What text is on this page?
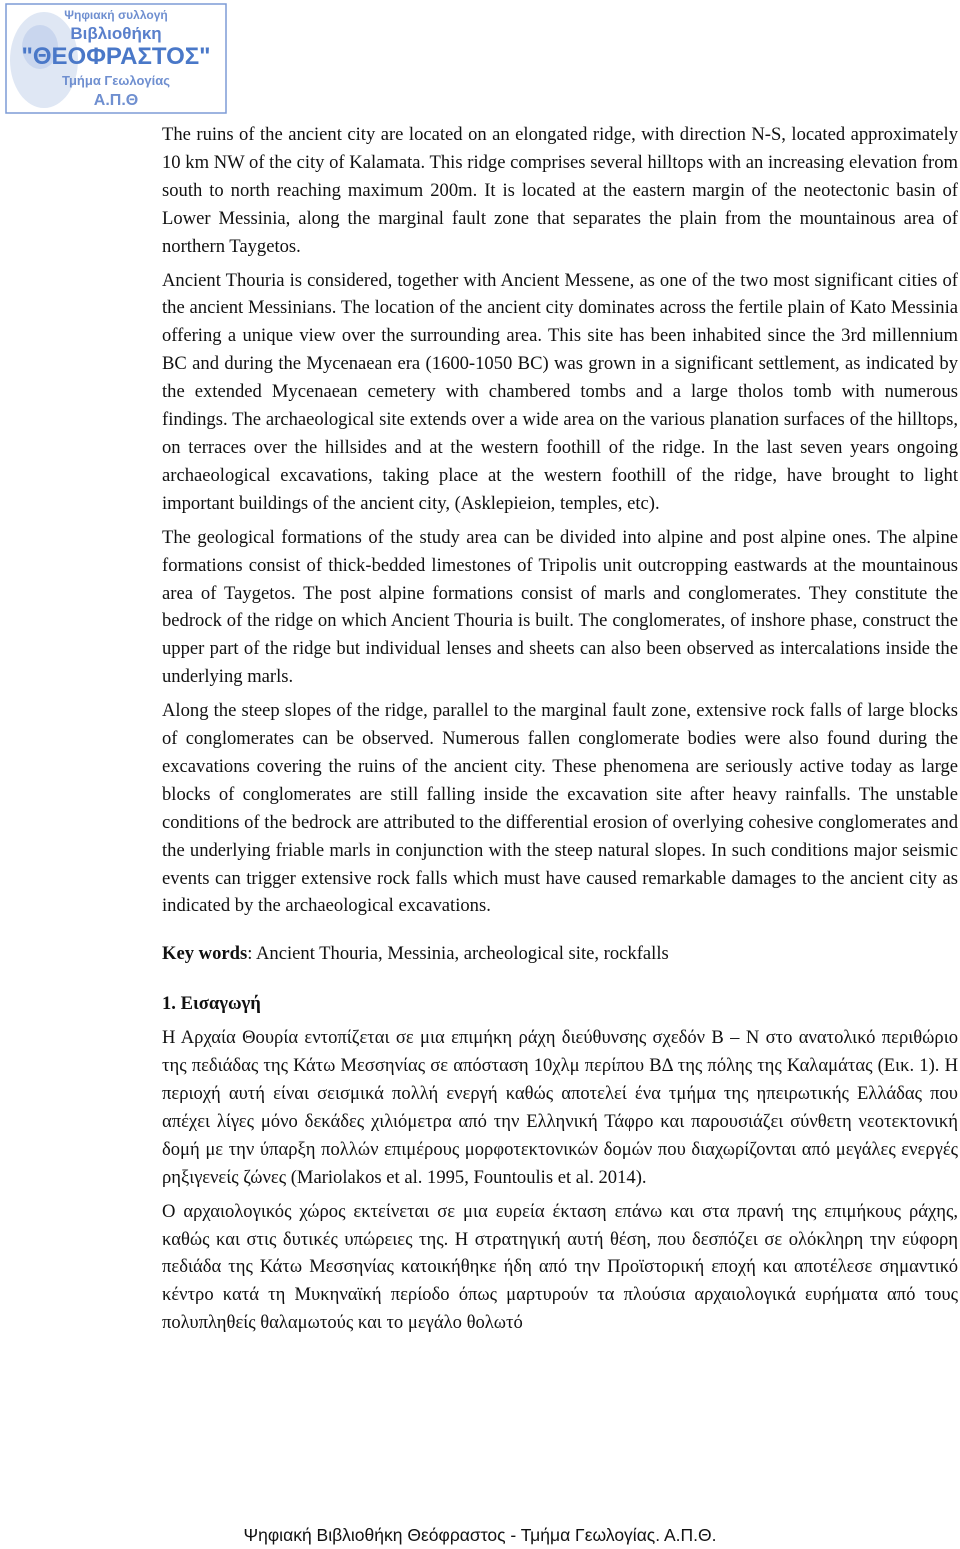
Ψηφιακή συλλογή
Βιβλιοθήκη
"ΘΕΟΦΡΑΣΤΟΣ"
Τμήμα Γεωλογίας
Α.Π.Θ

The ruins of the ancient city are located on an elongated ridge, with direction N-S, located approximately 10 km NW of the city of Kalamata. This ridge comprises several hilltops with an increasing elevation from south to north reaching maximum 200m. It is located at the eastern margin of the neotectonic basin of Lower Messinia, along the marginal fault zone that separates the plain from the mountainous area of northern Taygetos.

Ancient Thouria is considered, together with Ancient Messene, as one of the two most significant cities of the ancient Messinians. The location of the ancient city dominates across the fertile plain of Kato Messinia offering a unique view over the surrounding area. This site has been inhabited since the 3rd millennium BC and during the Mycenaean era (1600-1050 BC) was grown in a significant settlement, as indicated by the extended Mycenaean cemetery with chambered tombs and a large tholos tomb with numerous findings. The archaeological site extends over a wide area on the various planation surfaces of the hilltops, on terraces over the hillsides and at the western foothill of the ridge. In the last seven years ongoing archaeological excavations, taking place at the western foothill of the ridge, have brought to light important buildings of the ancient city, (Asklepieion, temples, etc).

The geological formations of the study area can be divided into alpine and post alpine ones. The alpine formations consist of thick-bedded limestones of Tripolis unit outcropping eastwards at the mountainous area of Taygetos. The post alpine formations consist of marls and conglomerates. They constitute the bedrock of the ridge on which Ancient Thouria is built. The conglomerates, of inshore phase, construct the upper part of the ridge but individual lenses and sheets can also been observed as intercalations inside the underlying marls.

Along the steep slopes of the ridge, parallel to the marginal fault zone, extensive rock falls of large blocks of conglomerates can be observed. Numerous fallen conglomerate bodies were also found during the excavations covering the ruins of the ancient city. These phenomena are seriously active today as large blocks of conglomerates are still falling inside the excavation site after heavy rainfalls. The unstable conditions of the bedrock are attributed to the differential erosion of overlying cohesive conglomerates and the underlying friable marls in conjunction with the steep natural slopes. In such conditions major seismic events can trigger extensive rock falls which must have caused remarkable damages to the ancient city as indicated by the archaeological excavations.

Key words: Ancient Thouria, Messinia, archeological site, rockfalls

1. Εισαγωγή

Η Αρχαία Θουρία εντοπίζεται σε μια επιμήκη ράχη διεύθυνσης σχεδόν Β – Ν στο ανατολικό περιθώριο της πεδιάδας της Κάτω Μεσσηνίας σε απόσταση 10χλμ περίπου ΒΔ της πόλης της Καλαμάτας (Εικ. 1). Η περιοχή αυτή είναι σεισμικά πολλή ενεργή καθώς αποτελεί ένα τμήμα της ηπειρωτικής Ελλάδας που απέχει λίγες μόνο δεκάδες χιλιόμετρα από την Ελληνική Τάφρο και παρουσιάζει σύνθετη νεοτεκτονική δομή με την ύπαρξη πολλών επιμέρους μορφοτεκτονικών δομών που διαχωρίζονται από μεγάλες ενεργές ρηξιγενείς ζώνες (Mariolakos et al. 1995, Fountoulis et al. 2014).

Ο αρχαιολογικός χώρος εκτείνεται σε μια ευρεία έκταση επάνω και στα πρανή της επιμήκους ράχης, καθώς και στις δυτικές υπώρειες της. Η στρατηγική αυτή θέση, που δεσπόζει σε ολόκληρη την εύφορη πεδιάδα της Κάτω Μεσσηνίας κατοικήθηκε ήδη από την Προϊστορική εποχή και αποτέλεσε σημαντικό κέντρο κατά τη Μυκηναϊκή περίοδο όπως μαρτυρούν τα πλούσια αρχαιολογικά ευρήματα από τους πολυπληθείς θαλαμωτούς και το μεγάλο θολωτό

Ψηφιακή Βιβλιοθήκη Θεόφραστος - Τμήμα Γεωλογίας. Α.Π.Θ.
